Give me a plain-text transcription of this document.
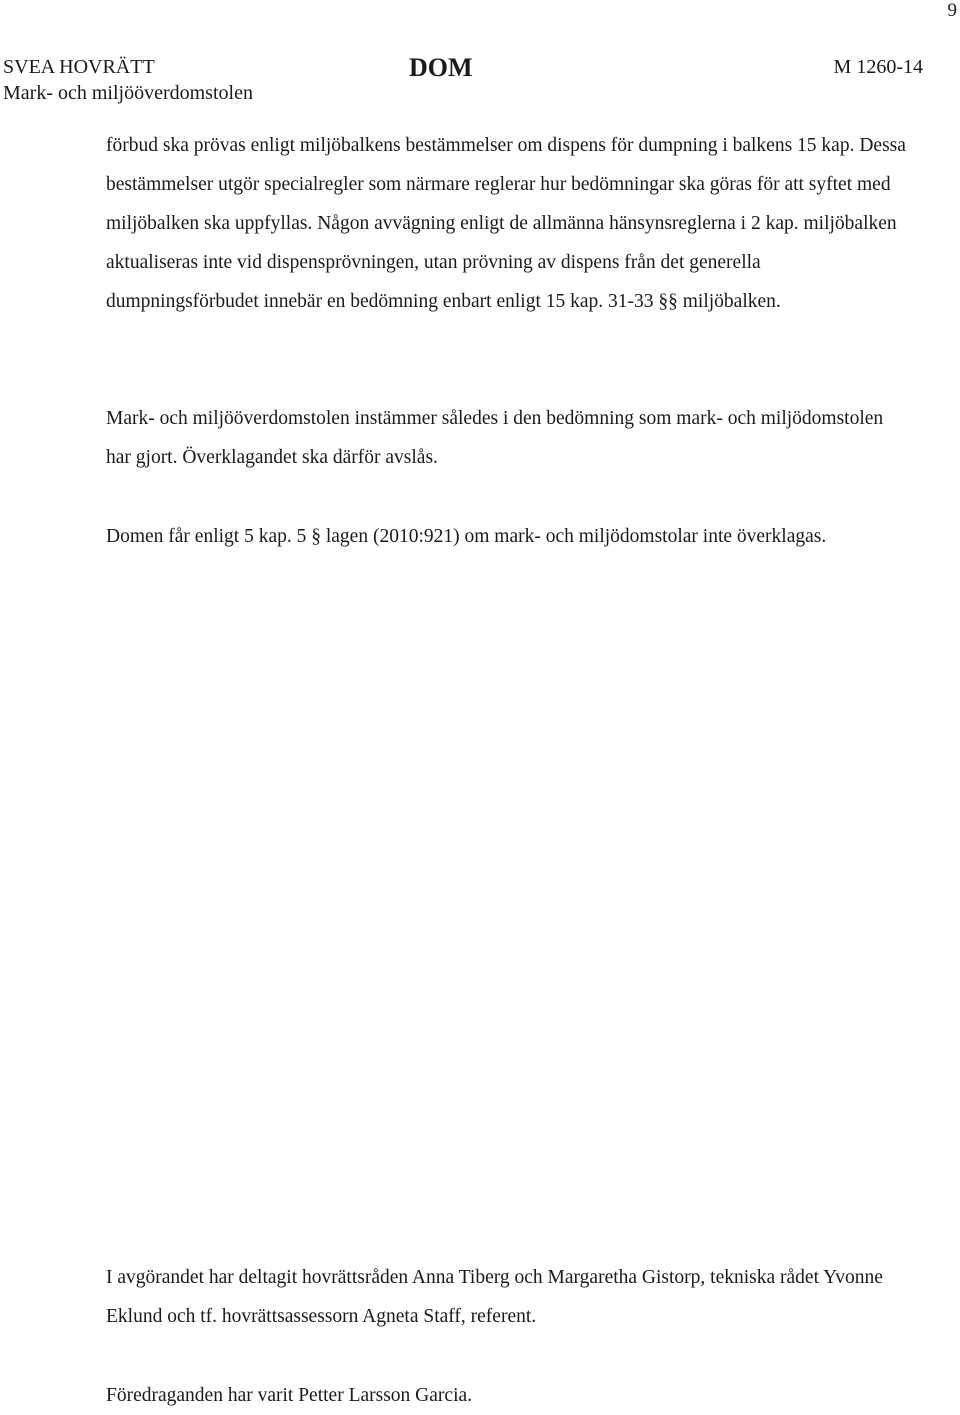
9
SVEA HOVRÄTT
Mark- och miljööverdomstolen
DOM	M 1260-14

förbud ska prövas enligt miljöbalkens bestämmelser om dispens för dumpning i balkens 15 kap. Dessa bestämmelser utgör specialregler som närmare reglerar hur bedömningar ska göras för att syftet med miljöbalken ska uppfyllas. Någon avvägning enligt de allmänna hänsynsreglerna i 2 kap. miljöbalken aktualiseras inte vid dispensprövningen, utan prövning av dispens från det generella dumpningsförbudet innebär en bedömning enbart enligt 15 kap. 31-33 §§ miljöbalken.

Mark- och miljööverdomstolen instämmer således i den bedömning som mark- och miljödomstolen har gjort. Överklagandet ska därför avslås.

Domen får enligt 5 kap. 5 § lagen (2010:921) om mark- och miljödomstolar inte överklagas.

I avgörandet har deltagit hovrättsråden Anna Tiberg och Margaretha Gistorp, tekniska rådet Yvonne Eklund och tf. hovrättsassessorn Agneta Staff, referent.

Föredraganden har varit Petter Larsson Garcia.
